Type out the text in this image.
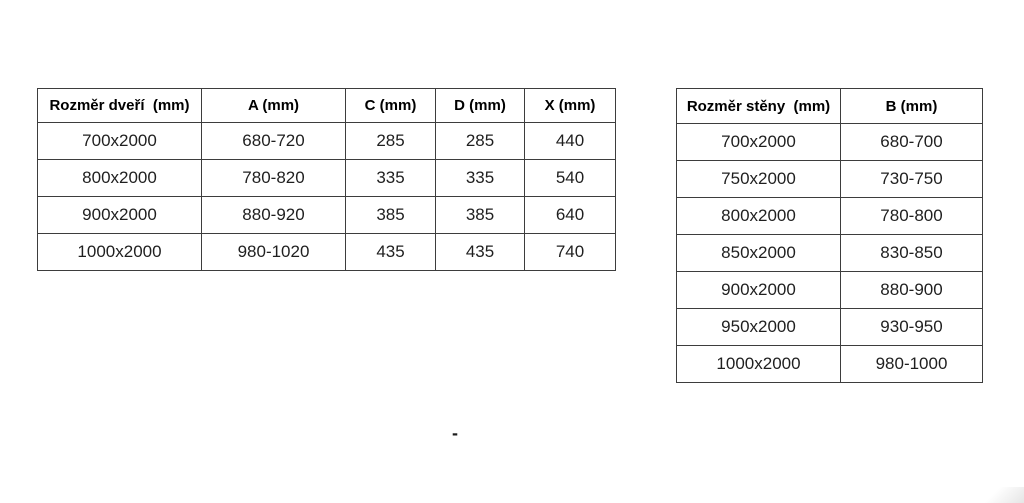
Rozměr dveří  (mm)	A (mm)	C (mm)	D (mm)	X (mm)
700x2000	680-720	285	285	440
800x2000	780-820	335	335	540
900x2000	880-920	385	385	640
1000x2000	980-1020	435	435	740
Rozměr stěny  (mm)	B (mm)
700x2000	680-700
750x2000	730-750
800x2000	780-800
850x2000	830-850
900x2000	880-900
950x2000	930-950
1000x2000	980-1000
-
